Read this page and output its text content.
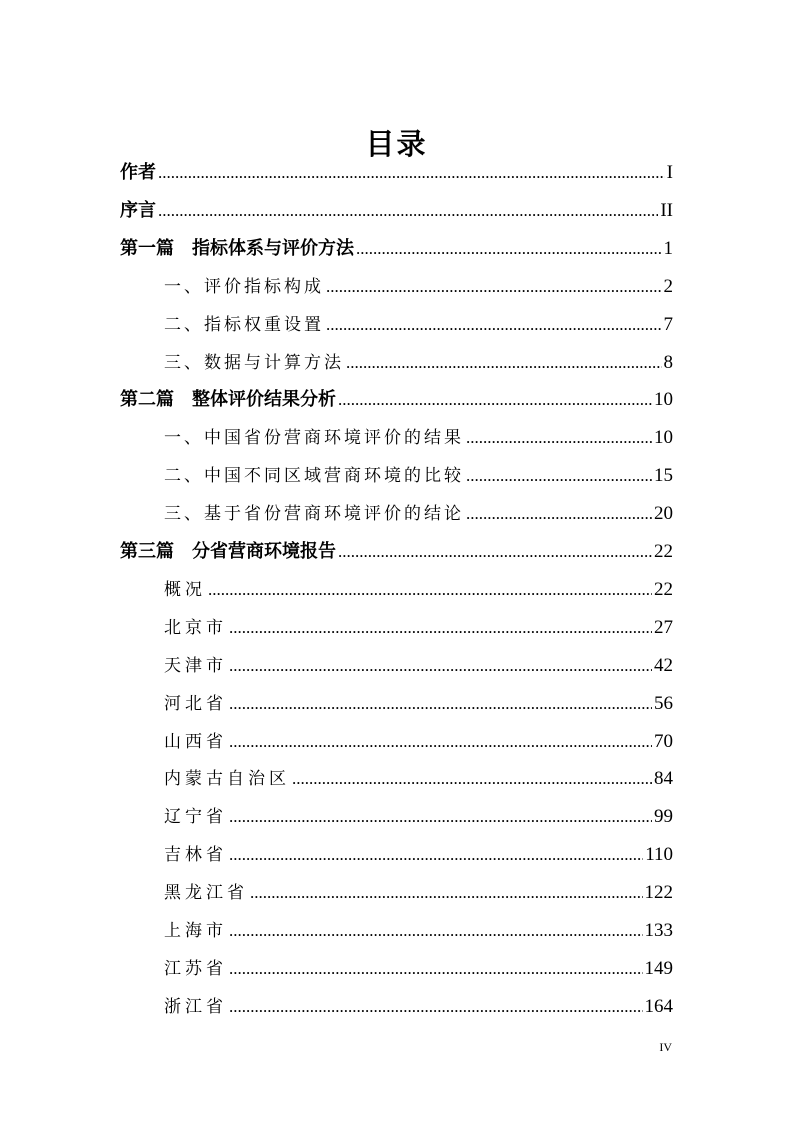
目录
作者 .....	I
序言 .....	II
第一篇　指标体系与评价方法 .....	1
一、评价指标构成 .....	2
二、指标权重设置 .....	7
三、数据与计算方法 .....	8
第二篇　整体评价结果分析 .....	10
一、中国省份营商环境评价的结果 .....	10
二、中国不同区域营商环境的比较 .....	15
三、基于省份营商环境评价的结论 .....	20
第三篇　分省营商环境报告 .....	22
概况 .....	22
北京市 .....	27
天津市 .....	42
河北省 .....	56
山西省 .....	70
内蒙古自治区 .....	84
辽宁省 .....	99
吉林省 .....	110
黑龙江省 .....	122
上海市 .....	133
江苏省 .....	149
浙江省 .....	164
IV
